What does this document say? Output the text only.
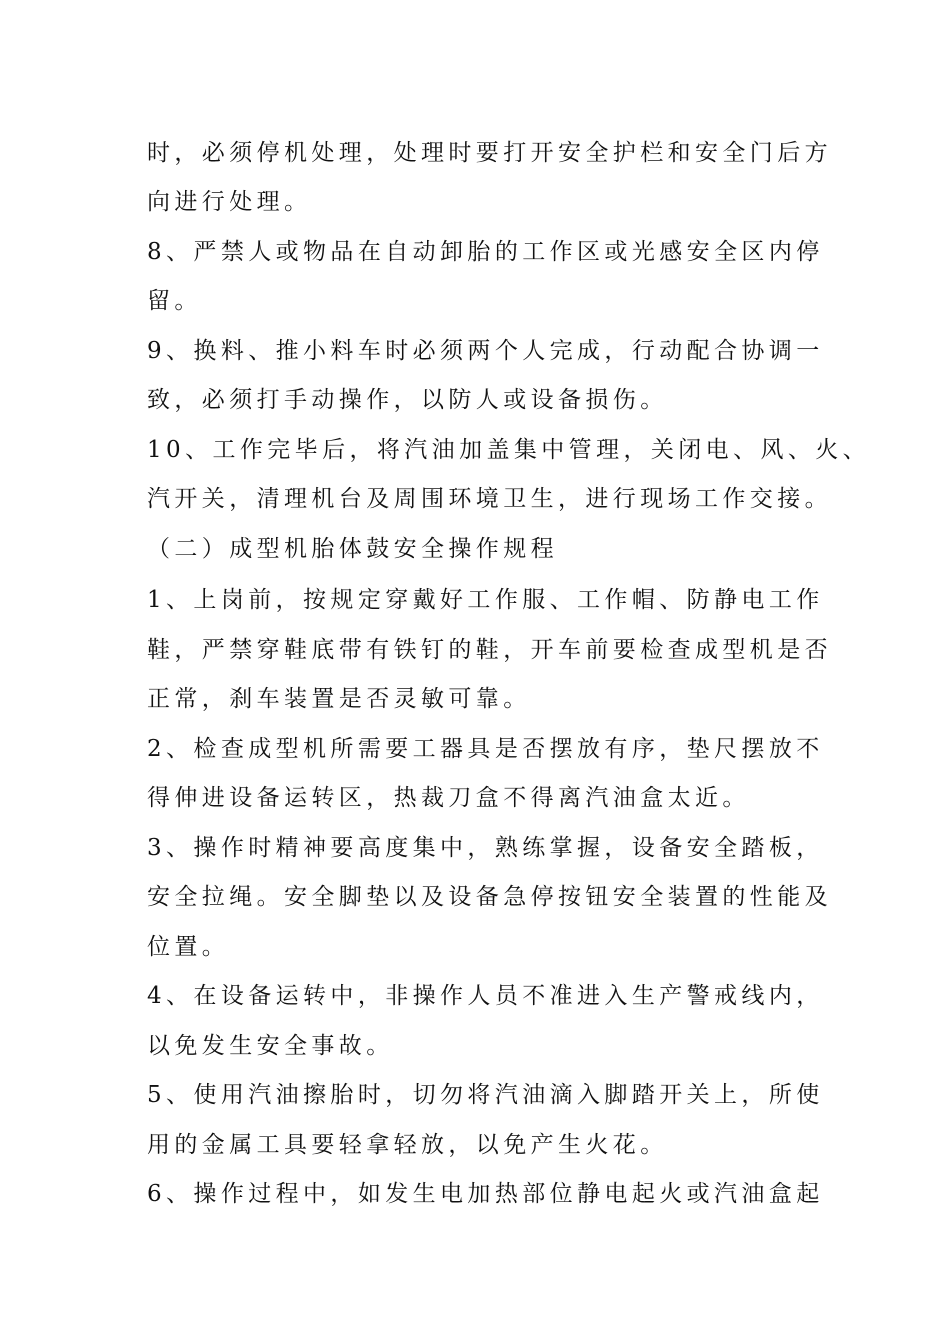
时，必须停机处理，处理时要打开安全护栏和安全门后方
向进行处理。
8、严禁人或物品在自动卸胎的工作区或光感安全区内停
留。
9、换料、推小料车时必须两个人完成，行动配合协调一
致，必须打手动操作，以防人或设备损伤。
10、工作完毕后，将汽油加盖集中管理，关闭电、风、火、
汽开关，清理机台及周围环境卫生，进行现场工作交接。
（二）成型机胎体鼓安全操作规程
1、上岗前，按规定穿戴好工作服、工作帽、防静电工作
鞋，严禁穿鞋底带有铁钉的鞋，开车前要检查成型机是否
正常，刹车装置是否灵敏可靠。
2、检查成型机所需要工器具是否摆放有序，垫尺摆放不
得伸进设备运转区，热裁刀盒不得离汽油盒太近。
3、操作时精神要高度集中，熟练掌握，设备安全踏板，
安全拉绳。安全脚垫以及设备急停按钮安全装置的性能及
位置。
4、在设备运转中，非操作人员不准进入生产警戒线内，
以免发生安全事故。
5、使用汽油擦胎时，切勿将汽油滴入脚踏开关上，所使
用的金属工具要轻拿轻放，以免产生火花。
6、操作过程中，如发生电加热部位静电起火或汽油盒起
